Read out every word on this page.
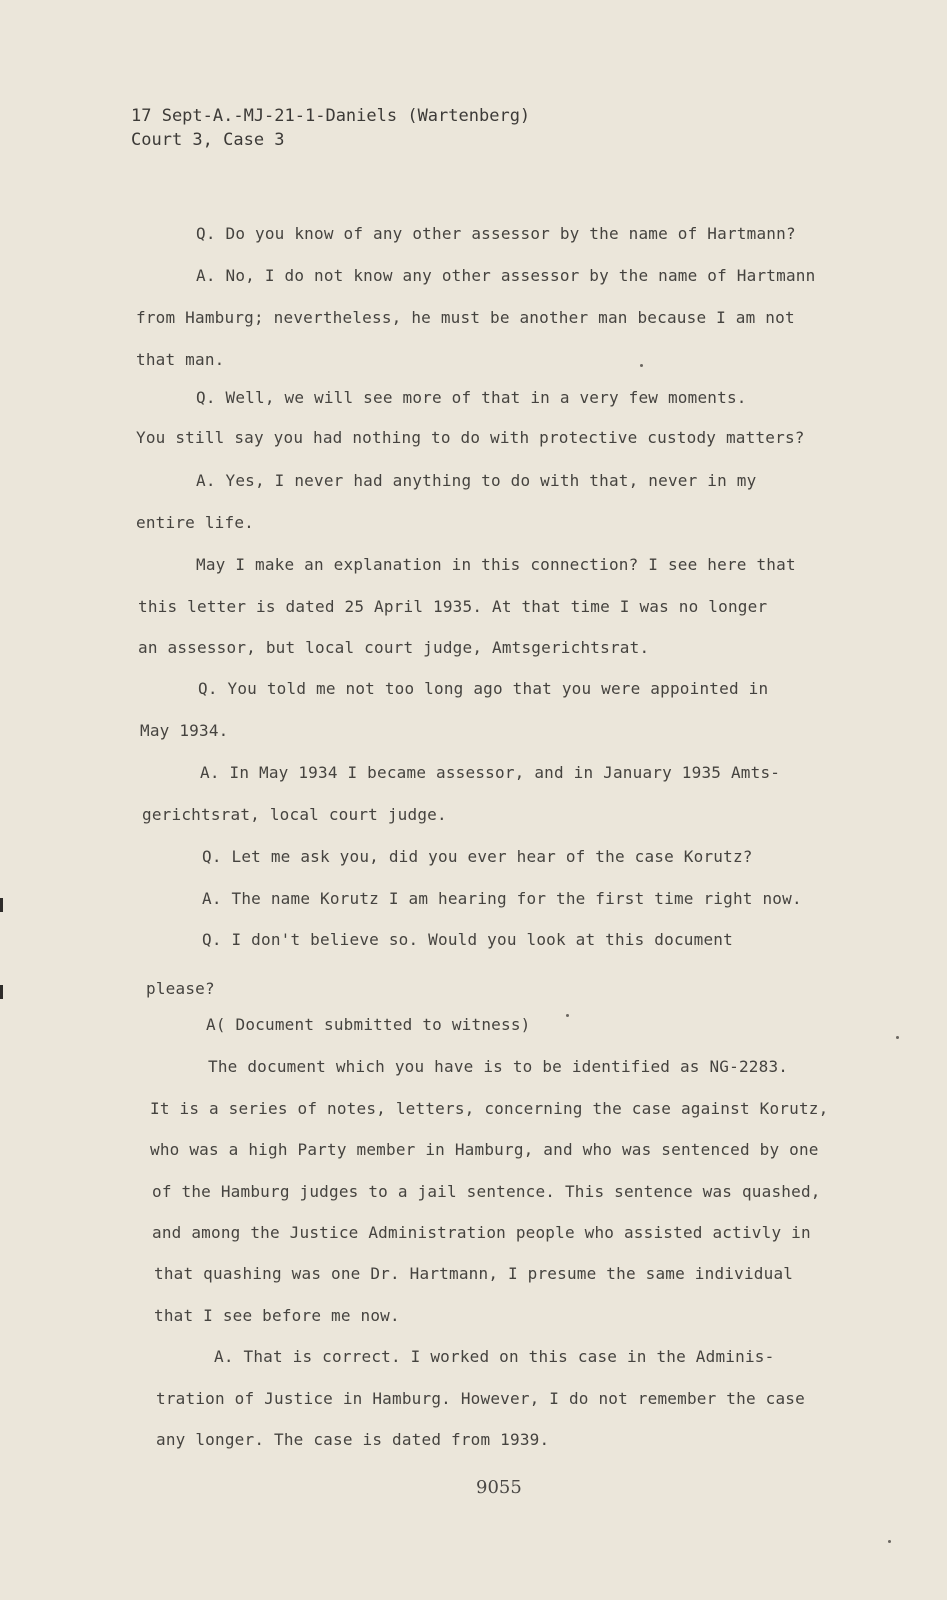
17 Sept-A.-MJ-21-1-Daniels (Wartenberg)
Court 3, Case 3
Q. Do you know of any other assessor by the name of Hartmann?
A. No, I do not know any other assessor by the name of Hartmann
from Hamburg; nevertheless, he must be another man because I am not
that man.
Q. Well, we will see more of that in a very few moments.
You still say you had nothing to do with protective custody matters?
A. Yes, I never had anything to do with that, never in my
entire life.
May I make an explanation in this connection? I see here that
this letter is dated 25 April 1935. At that time I was no longer
an assessor, but local court judge, Amtsgerichtsrat.
Q. You told me not too long ago that you were appointed in
May 1934.
A. In May 1934 I became assessor, and in January 1935 Amts-
gerichtsrat, local court judge.
Q. Let me ask you, did you ever hear of the case Korutz?
A. The name Korutz I am hearing for the first time right now.
Q. I don't believe so. Would you look at this document
please?
A( Document submitted to witness)
The document which you have is to be identified as NG-2283.
It is a series of notes, letters, concerning the case against Korutz,
who was a high Party member in Hamburg, and who was sentenced by one
of the Hamburg judges to a jail sentence. This sentence was quashed,
and among the Justice Administration people who assisted activly in
that quashing was one Dr. Hartmann, I presume the same individual
that I see before me now.
A. That is correct. I worked on this case in the Adminis-
tration of Justice in Hamburg. However, I do not remember the case
any longer. The case is dated from 1939.
9055
